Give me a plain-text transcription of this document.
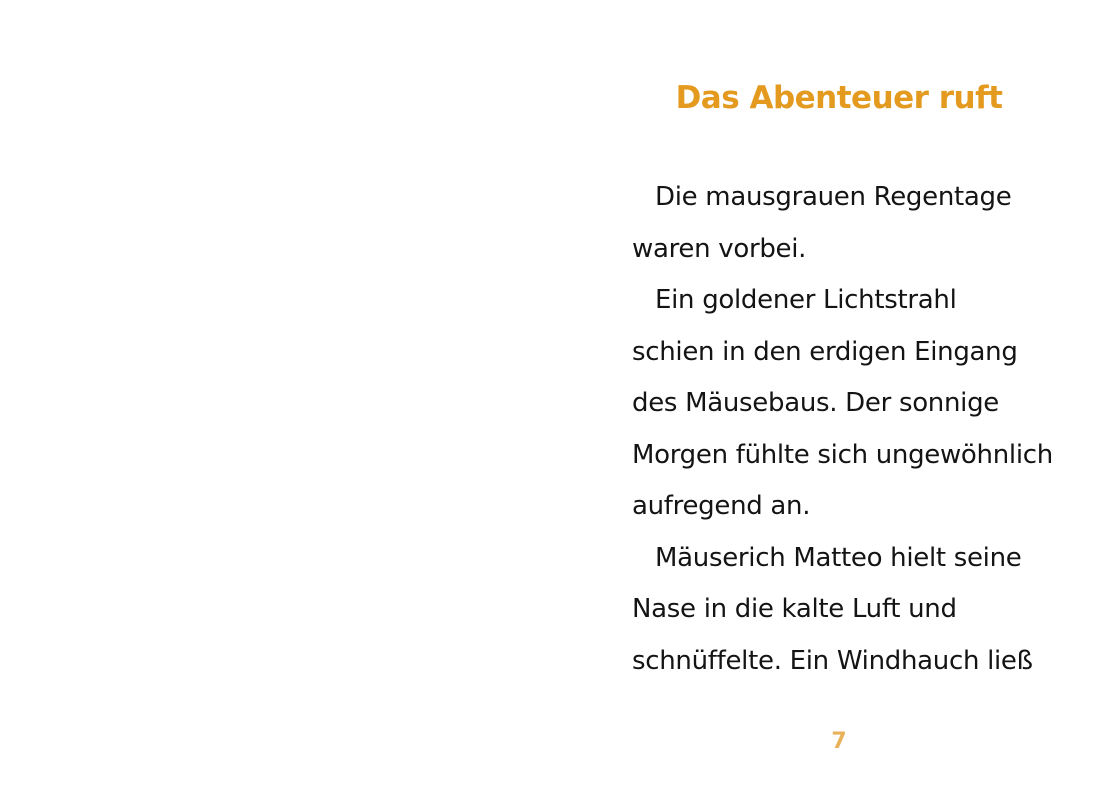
Das Abenteuer ruft
Die mausgrauen Regentage
waren vorbei.
Ein goldener Lichtstrahl
schien in den erdigen Eingang
des Mäusebaus. Der sonnige
Morgen fühlte sich ungewöhnlich
aufregend an.
Mäuserich Matteo hielt seine
Nase in die kalte Luft und
schnüffelte. Ein Windhauch ließ
7
